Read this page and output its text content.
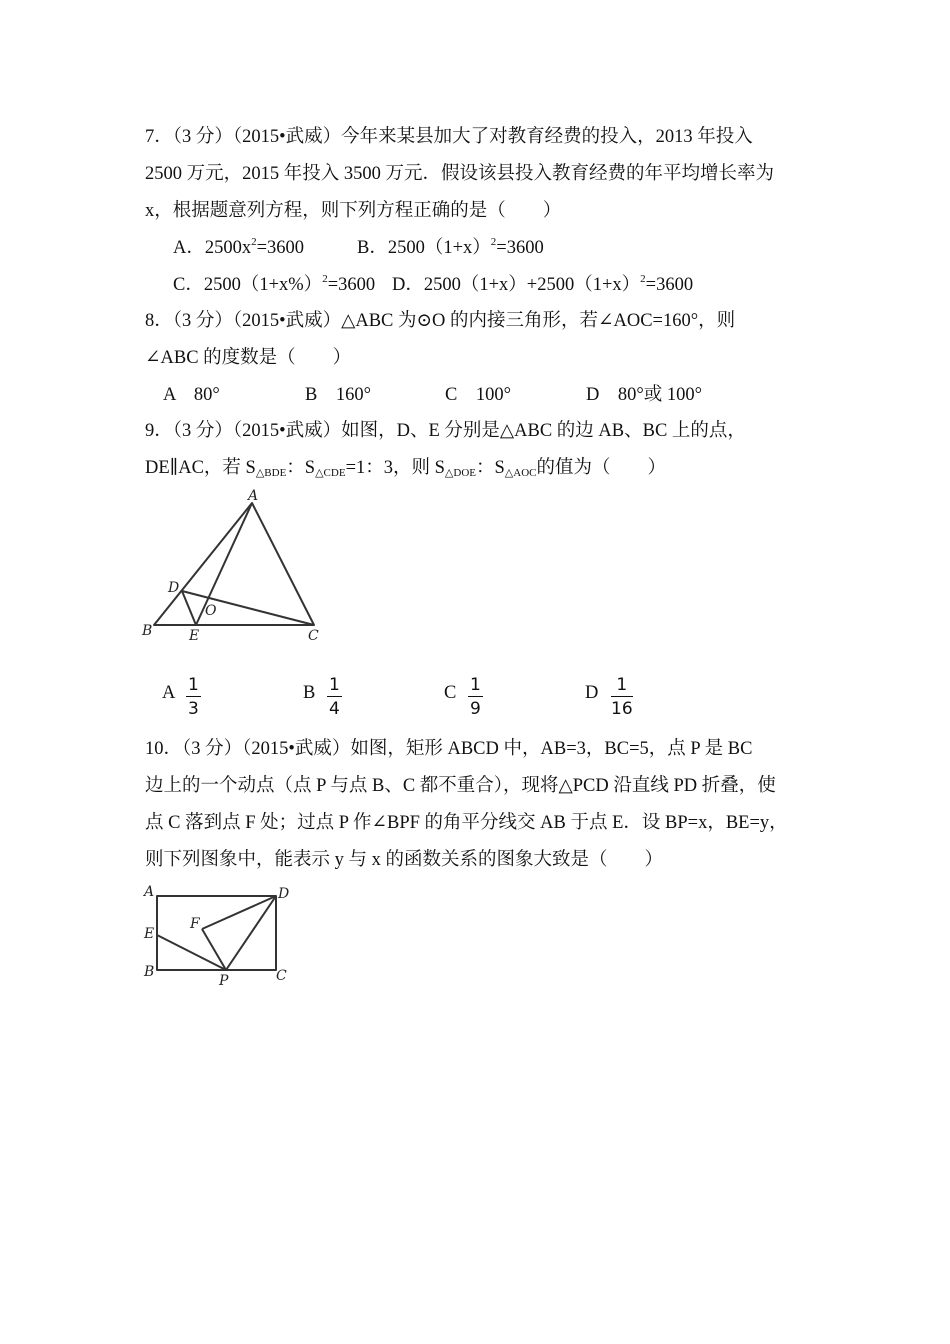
7．（3 分）（2015•武威）今年来某县加大了对教育经费的投入，2013 年投入
2500 万元，2015 年投入 3500 万元．假设该县投入教育经费的年平均增长率为
x，根据题意列方程，则下列方程正确的是（　　）
A．$2500x^2=3600$	B．$2500(1+x)^2=3600$
C．$2500(1+x\%)^2=3600$ D．$2500(1+x)+2500(1+x)^2=3600$
8．（3 分）（2015•武威）△ABC 为⊙O 的内接三角形，若∠AOC=160°，则
∠ABC 的度数是（　　）
A　80°	B　160°	C　100°	D　80°或 100°
9．（3 分）（2015•武威）如图，D、E 分别是△ABC 的边 AB、BC 上的点，
DE∥AC，若 $S_{\triangle BDE}$：$S_{\triangle CDE}=1$：3，则 $S_{\triangle DOE}$：$S_{\triangle AOC}$的值为（　　）
A
B	C
D
E
O
A 1
3
B 1
4
C 1
9
D	1
16
10．（3 分）（2015•武威）如图，矩形 ABCD 中，AB=3，BC=5，点 P 是 BC
边上的一个动点（点 P 与点 B、C 都不重合），现将△PCD 沿直线 PD 折叠，使
点 C 落到点 F 处；过点 P 作∠BPF 的角平分线交 AB 于点 E．设 BP=x，BE=y，
则下列图象中，能表示 y 与 x 的函数关系的图象大致是（　　）
A	D
E
F
B
P	C
